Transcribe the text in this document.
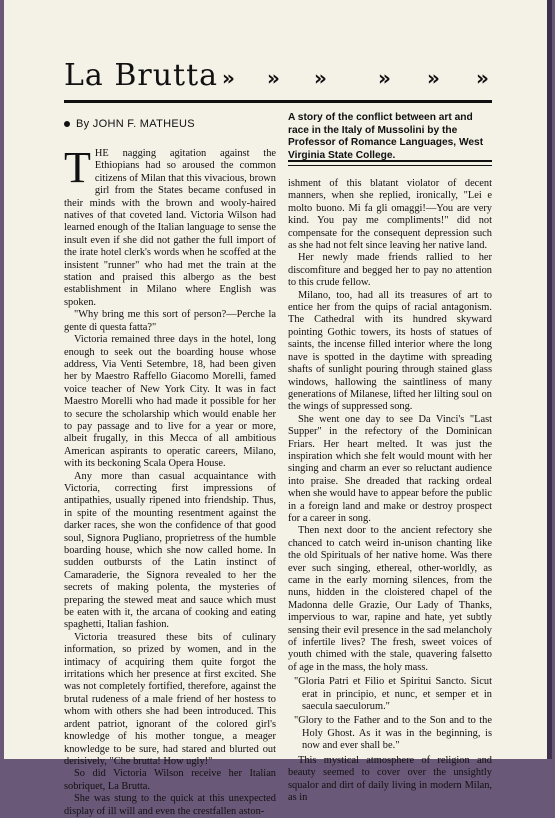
La Brutta » » »	» » »
By JOHN F. MATHEUS
A story of the conflict between art and race in the Italy of Mussolini by the Professor of Romance Languages, West Virginia State College.

THE nagging agitation against the Ethiopians had so aroused the common citizens of Milan that this vivacious, brown girl from the States became confused in their minds with the brown and wooly-haired natives of that coveted land. Victoria Wilson had learned enough of the Italian language to sense the insult even if she did not gather the full import of the irate hotel clerk's words when he scoffed at the insistent "runner" who had met the train at the station and praised this albergo as the best establishment in Milano where English was spoken.

"Why bring me this sort of person?—Perche la gente di questa fatta?"

Victoria remained three days in the hotel, long enough to seek out the boarding house whose address, Via Venti Setembre, 18, had been given her by Maestro Raffello Giacomo Morelli, famed voice teacher of New York City. It was in fact Maestro Morelli who had made it possible for her to secure the scholarship which would enable her to pay passage and to live for a year or more, albeit frugally, in this Mecca of all ambitious American aspirants to operatic careers, Milano, with its beckoning Scala Opera House.

Any more than casual acquaintance with Victoria, correcting first impressions of antipathies, usually ripened into friendship. Thus, in spite of the mounting resentment against the darker races, she won the confidence of that good soul, Signora Pugliano, proprietress of the humble boarding house, which she now called home. In sudden outbursts of the Latin instinct of Camaraderie, the Signora revealed to her the secrets of making polenta, the mysteries of preparing the stewed meat and sauce which must be eaten with it, the arcana of cooking and eating spaghetti, Italian fashion.

Victoria treasured these bits of culinary information, so prized by women, and in the intimacy of acquiring them quite forgot the irritations which her presence at first excited. She was not completely fortified, therefore, against the brutal rudeness of a male friend of her hostess to whom with others she had been introduced. This ardent patriot, ignorant of the colored girl's knowledge of his mother tongue, a meager knowledge to be sure, had stared and blurted out derisively, "Che brutta! How ugly!"

So did Victoria Wilson receive her Italian sobriquet, La Brutta.

She was stung to the quick at this unexpected display of ill will and even the crestfallen aston-

ishment of this blatant violator of decent manners, when she replied, ironically, "Lei e molto buono. Mi fa gli omaggi!—You are very kind. You pay me compliments!" did not compensate for the consequent depression such as she had not felt since leaving her native land.

Her newly made friends rallied to her discomfiture and begged her to pay no attention to this crude fellow.

Milano, too, had all its treasures of art to entice her from the quips of racial antagonism. The Cathedral with its hundred skyward pointing Gothic towers, its hosts of statues of saints, the incense filled interior where the long nave is spotted in the daytime with spreading shafts of sunlight pouring through stained glass windows, hallowing the saintliness of many generations of Milanese, lifted her lilting soul on the wings of suppressed song.

She went one day to see Da Vinci's "Last Supper" in the refectory of the Dominican Friars. Her heart melted. It was just the inspiration which she felt would mount with her singing and charm an ever so reluctant audience into praise. She dreaded that racking ordeal when she would have to appear before the public in a foreign land and make or destroy prospect for a career in song.

Then next door to the ancient refectory she chanced to catch weird in-unison chanting like the old Spirituals of her native home. Was there ever such singing, ethereal, other-worldly, as came in the early morning silences, from the nuns, hidden in the cloistered chapel of the Madonna delle Grazie, Our Lady of Thanks, impervious to war, rapine and hate, yet subtly sensing their evil presence in the sad melancholy of infertile lives? The fresh, sweet voices of youth chimed with the stale, quavering falsetto of age in the mass, the holy mass.

"Gloria Patri et Filio et Spiritui Sancto. Sicut erat in principio, et nunc, et semper et in saecula saeculorum."

"Glory to the Father and to the Son and to the Holy Ghost. As it was in the beginning, is now and ever shall be."

This mystical atmosphere of religion and beauty seemed to cover over the unsightly squalor and dirt of daily living in modern Milan, as in
